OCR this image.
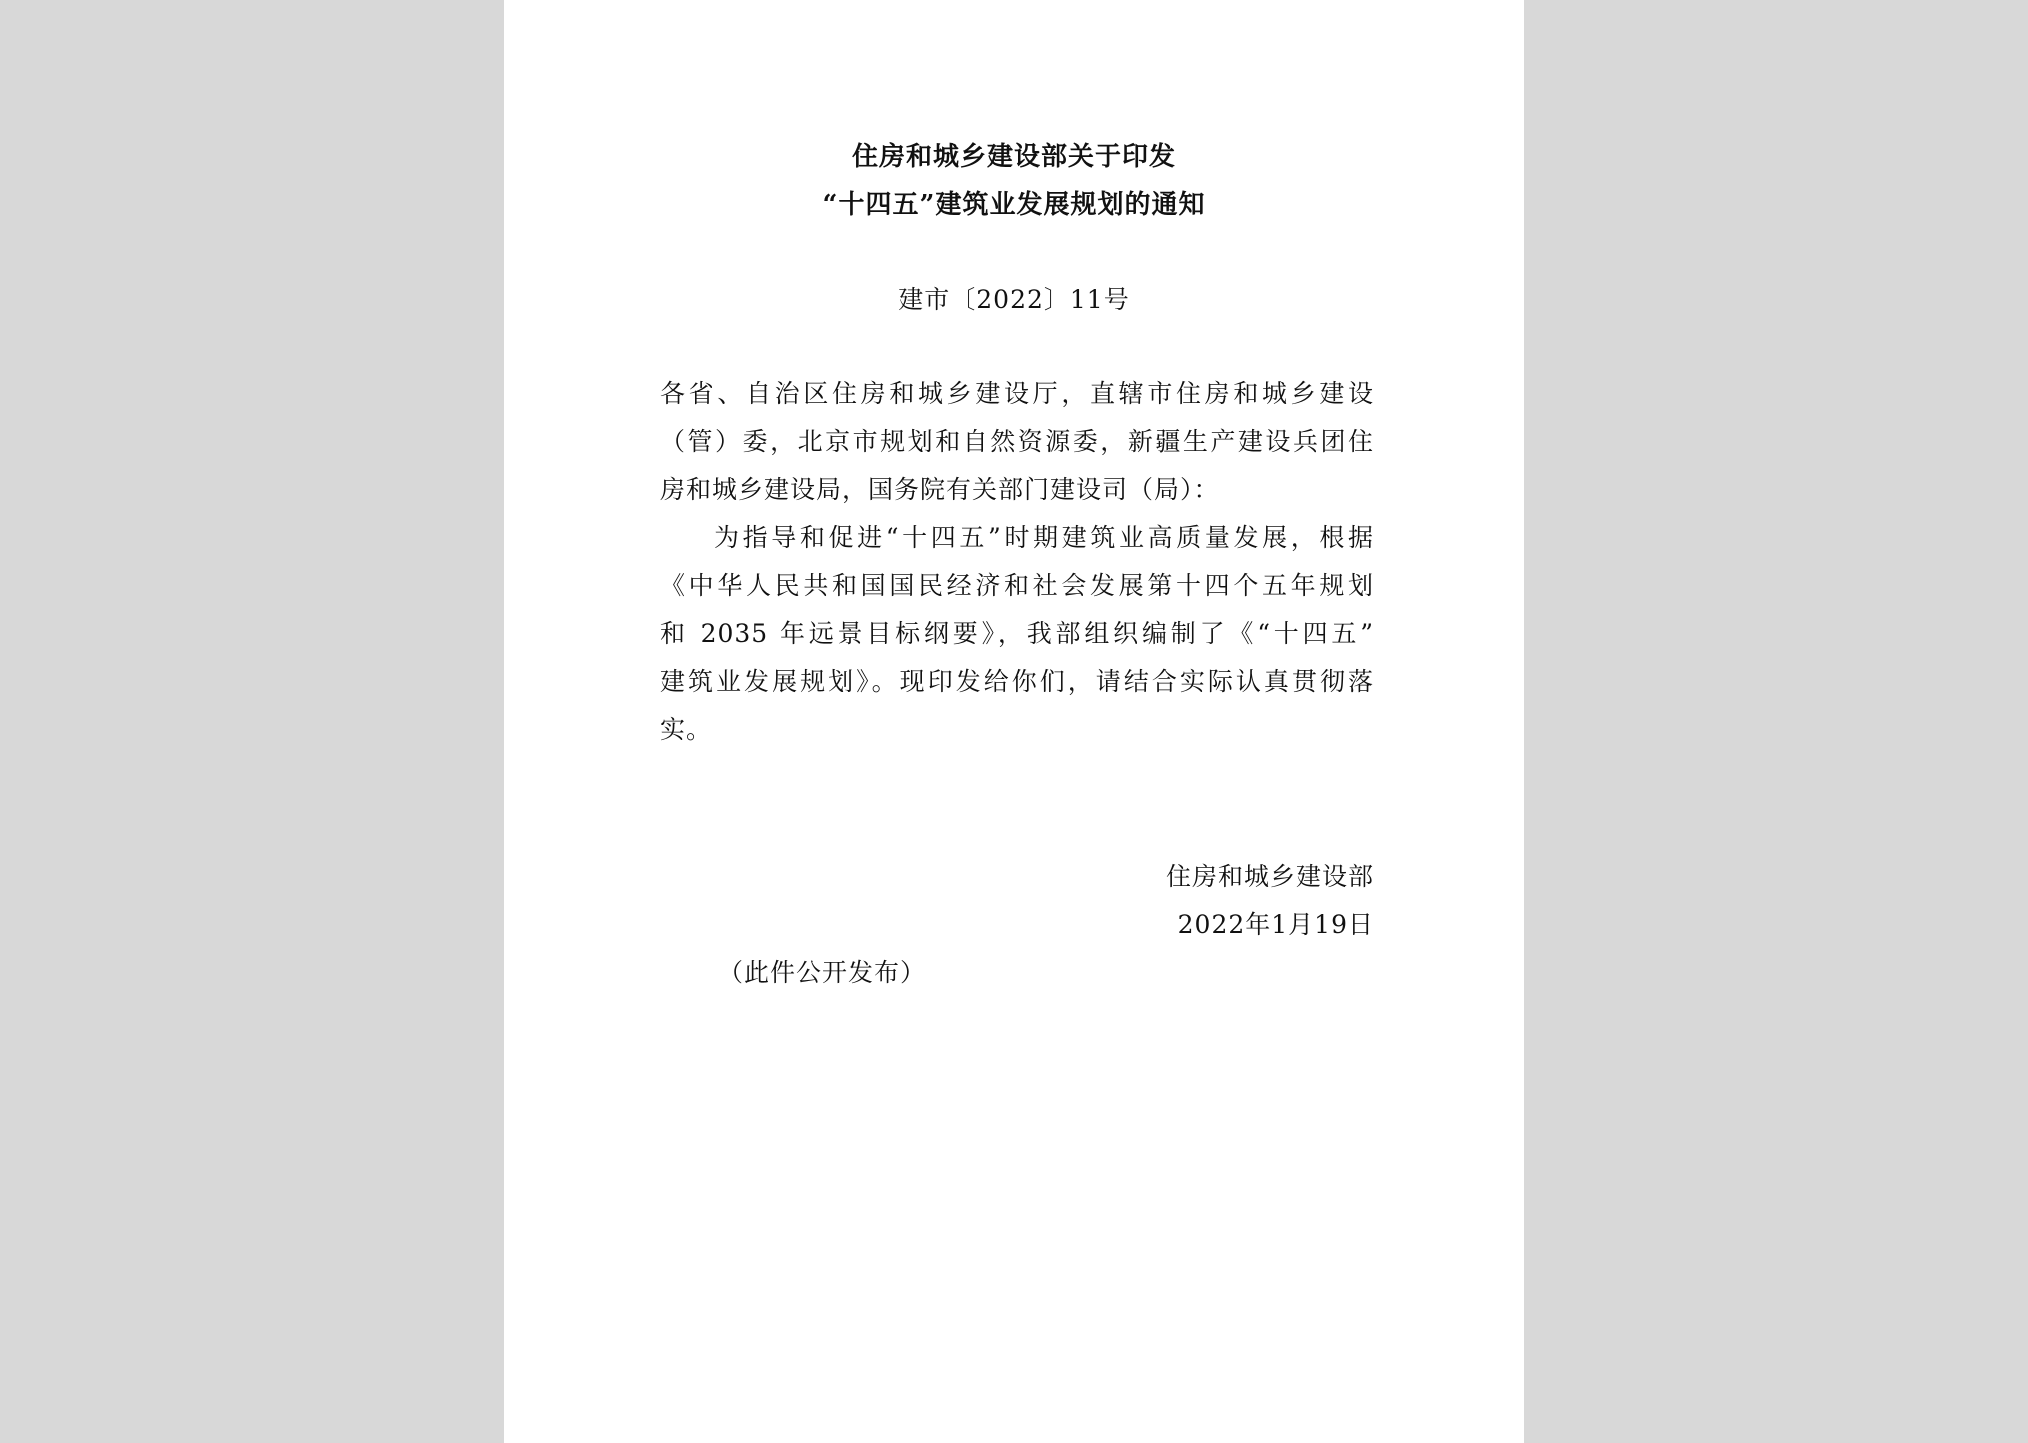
住房和城乡建设部关于印发
“十四五”建筑业发展规划的通知
建市〔2022〕11号
各省、自治区住房和城乡建设厅，直辖市住房和城乡建设
（管）委，北京市规划和自然资源委，新疆生产建设兵团住
房和城乡建设局，国务院有关部门建设司（局）：
为指导和促进“十四五”时期建筑业高质量发展，根据
《中华人民共和国国民经济和社会发展第十四个五年规划
和 2035 年远景目标纲要》，我部组织编制了《“十四五”
建筑业发展规划》。现印发给你们，请结合实际认真贯彻落
实。
住房和城乡建设部
2022年1月19日
（此件公开发布）
